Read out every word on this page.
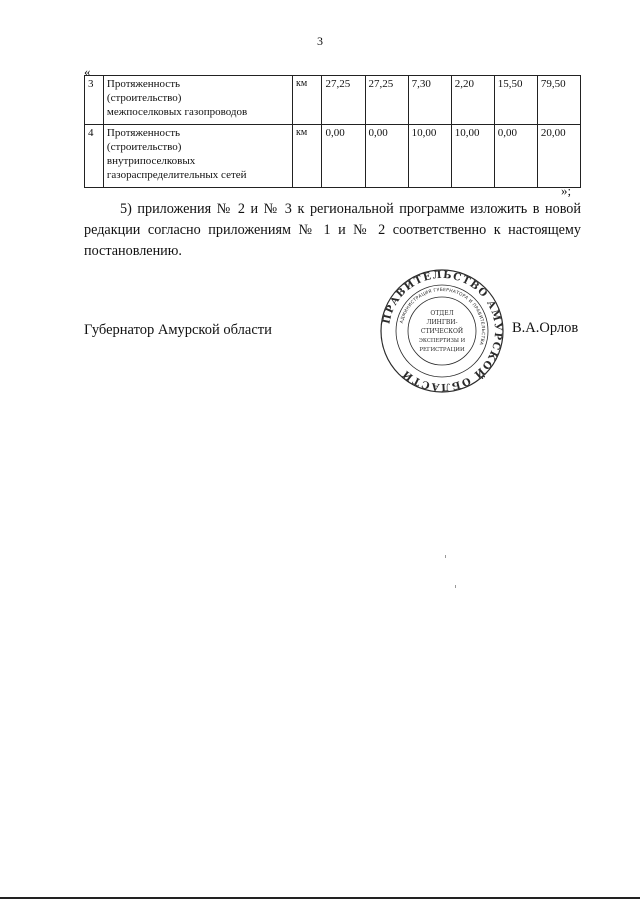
3
«
3	Протяженность
(строительство)
межпоселковых газопроводов	км	27,25	27,25	7,30	2,20	15,50	79,50
4	Протяженность
(строительство)
внутрипоселковых
газораспределительных сетей	км	0,00	0,00	10,00	10,00	0,00	20,00
»;
5) приложения № 2 и № 3 к региональной программе изложить в новой редакции согласно приложениям № 1 и № 2 соответственно к настоящему постановлению.
Губернатор Амурской области	В.А.Орлов
ПРАВИТЕЛЬСТВО АМУРСКОЙ ОБЛАСТИ
АДМИНИСТРАЦИЯ ГУБЕРНАТОРА И ПРАВИТЕЛЬСТВА
ОТДЕЛ
ЛИНГВИ-
СТИЧЕСКОЙ
ЭКСПЕРТИЗЫ И
РЕГИСТРАЦИИ
